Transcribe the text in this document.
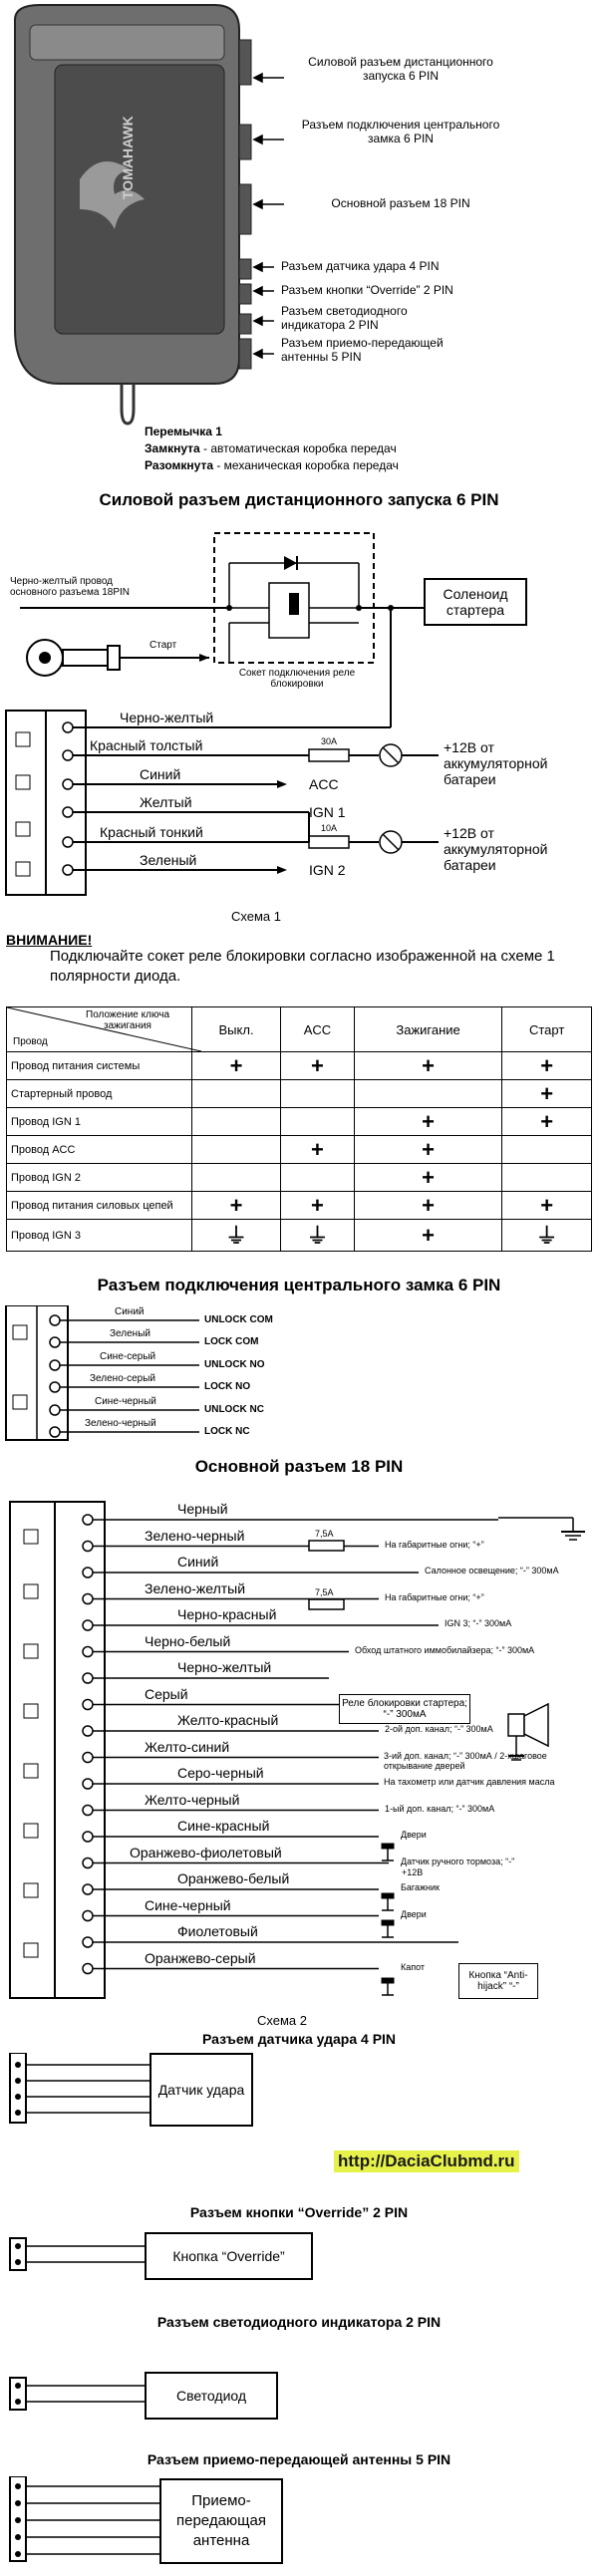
TOMAHAWK
Силовой разъем дистанционного запуска 6 PIN
Разъем подключения центрального замка 6 PIN
Основной разъем 18 PIN
Разъем датчика удара 4 PIN
Разъем кнопки “Override” 2 PIN
Разъем светодиодного индикатора 2 PIN
Разъем приемо-передающей антенны 5 PIN
Перемычка 1
Замкнута - автоматическая коробка передач
Разомкнута - механическая коробка передач
Силовой разъем дистанционного запуска 6 PIN
Черно-желтый провод основного разъема 18PIN
Старт
Сокет подключения реле блокировки
Соленоид стартера
Черно-желтый
Красный толстый
Синий
Желтый
Красный тонкий
Зеленый
30A
10A
ACC
IGN 1
IGN 2
+12В от аккумуляторной батареи
+12В от аккумуляторной батареи
Схема 1
ВНИМАНИЕ!
Подключайте сокет реле блокировки согласно изображенной на схеме 1 полярности диода.
Положение ключа зажигания
Провод	Выкл.	ACC	Зажигание	Старт
Провод питания системы	+	+	+	+
Стартерный провод				+
Провод IGN 1			+	+
Провод ACC		+	+	
Провод IGN 2			+	
Провод питания силовых цепей	+	+	+	+
Провод IGN 3	⏚	⏚	+	⏚
Разъем подключения центрального замка 6 PIN
Синий
Зеленый
Сине-серый
Зелено-серый
Сине-черный
Зелено-черный
UNLOCK COM
LOCK COM
UNLOCK NO
LOCK NO
UNLOCK NC
LOCK NC
Основной разъем 18 PIN
Кнопка “Anti-hijack” “-”
Реле блокировки стартера; “-” 300мА
Черный
Зелено-черный
На габаритные огни; “+”
Синий
Салонное освещение; “-” 300мА
Зелено-желтый
На габаритные огни; “+”
Черно-красный
IGN 3; “-” 300мА
Черно-белый
Обход штатного иммобилайзера; “-” 300мА
Черно-желтый
Серый
Желто-красный
2-ой доп. канал; “-” 300мА
Желто-синий
3-ий доп. канал; “-” 300мА / 2-хшаговое открывание дверей
Серо-черный
На тахометр или датчик давления масла
Желто-черный
1-ый доп. канал; “-” 300мА
Сине-красный
Двери
Оранжево-фиолетовый
Датчик ручного тормоза; “-”
Оранжево-белый
Багажник
Сине-черный
Двери
Фиолетовый
Оранжево-серый
Капот
7,5A
7,5A
+12В
Схема 2
Разъем датчика удара 4 PIN
Датчик удара
http://DaciaClubmd.ru
Разъем кнопки “Override” 2 PIN
Кнопка “Override”
Разъем светодиодного индикатора 2 PIN
Светодиод
Разъем приемо-передающей антенны 5 PIN
Приемо-передающая антенна
